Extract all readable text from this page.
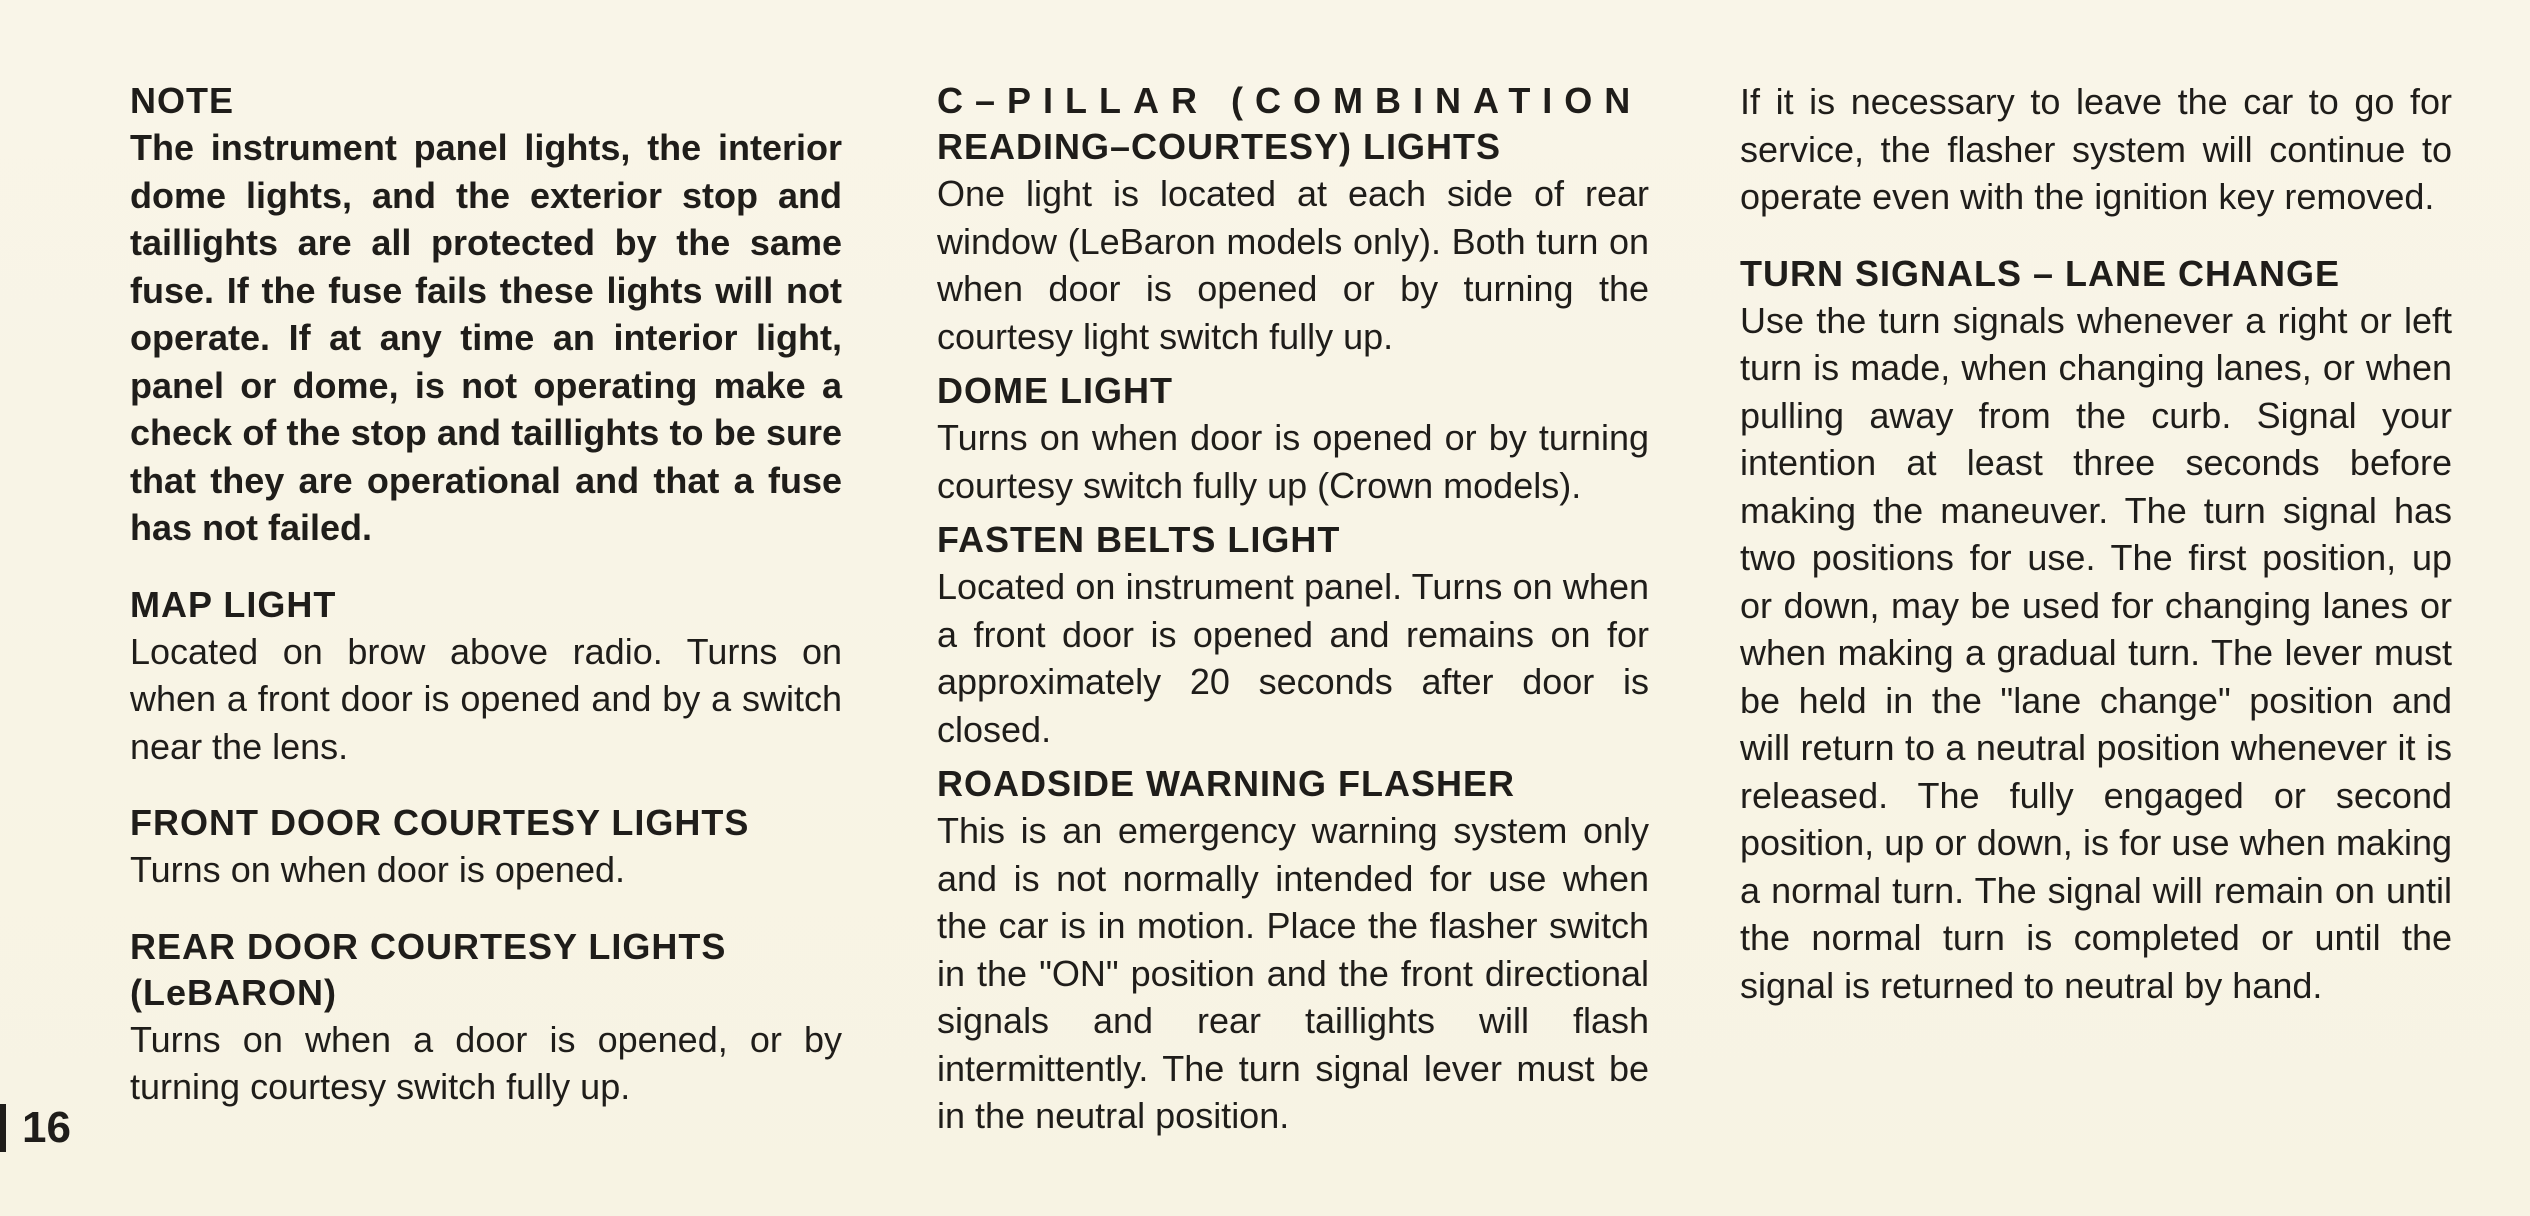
NOTE

The instrument panel lights, the interior dome lights, and the exterior stop and taillights are all protected by the same fuse. If the fuse fails these lights will not operate. If at any time an interior light, panel or dome, is not operating make a check of the stop and taillights to be sure that they are operational and that a fuse has not failed.

MAP LIGHT

Located on brow above radio. Turns on when a front door is opened and by a switch near the lens.

FRONT DOOR COURTESY LIGHTS

Turns on when door is opened.

REAR DOOR COURTESY LIGHTS
(LeBARON)

Turns on when a door is opened, or by turning courtesy switch fully up.

C–PILLAR (COMBINATION
READING–COURTESY) LIGHTS

One light is located at each side of rear window (LeBaron models only). Both turn on when door is opened or by turning the courtesy light switch fully up.

DOME LIGHT

Turns on when door is opened or by turning courtesy switch fully up (Crown models).

FASTEN BELTS LIGHT

Located on instrument panel. Turns on when a front door is opened and remains on for approximately 20 seconds after door is closed.

ROADSIDE WARNING FLASHER

This is an emergency warning system only and is not normally intended for use when the car is in motion. Place the flasher switch in the "ON" position and the front directional signals and rear taillights will flash intermittently. The turn signal lever must be in the neutral position.

If it is necessary to leave the car to go for service, the flasher system will continue to operate even with the ignition key removed.

TURN SIGNALS – LANE CHANGE

Use the turn signals whenever a right or left turn is made, when changing lanes, or when pulling away from the curb. Signal your intention at least three seconds before making the maneuver. The turn signal has two positions for use. The first position, up or down, may be used for changing lanes or when making a gradual turn. The lever must be held in the "lane change" position and will return to a neutral position whenever it is released. The fully engaged or second position, up or down, is for use when making a normal turn. The signal will remain on until the normal turn is completed or until the signal is returned to neutral by hand.

16
